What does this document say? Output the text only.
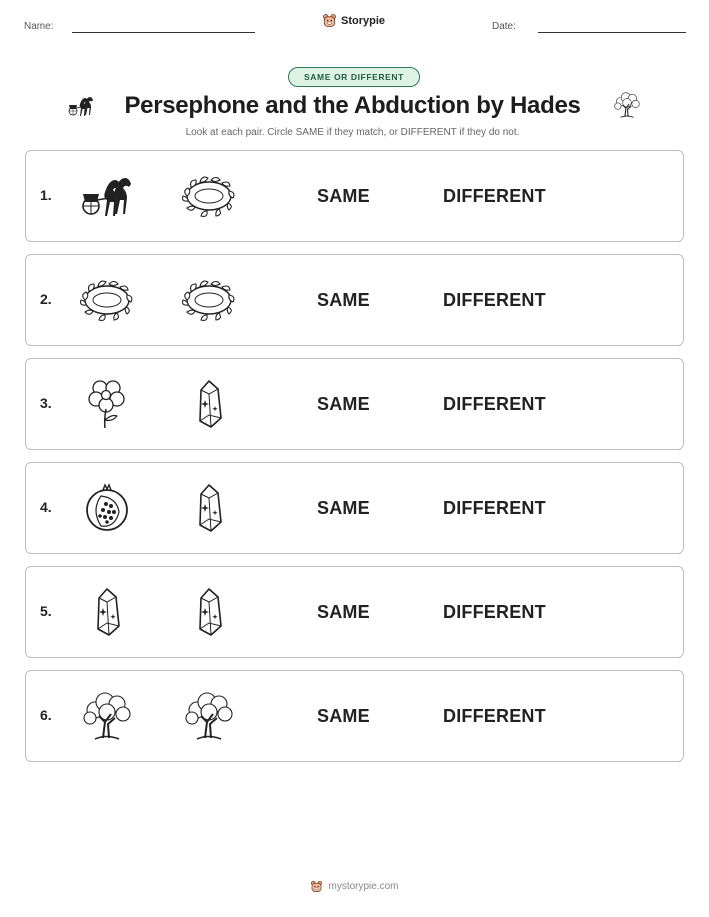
Name:	Storypie	Date:
SAME OR DIFFERENT
Persephone and the Abduction by Hades
Look at each pair. Circle SAME if they match, or DIFFERENT if they do not.
1.	SAME	DIFFERENT
2.	SAME	DIFFERENT
3.	SAME	DIFFERENT
4.	SAME	DIFFERENT
5.	SAME	DIFFERENT
6.	SAME	DIFFERENT
mystorypie.com
